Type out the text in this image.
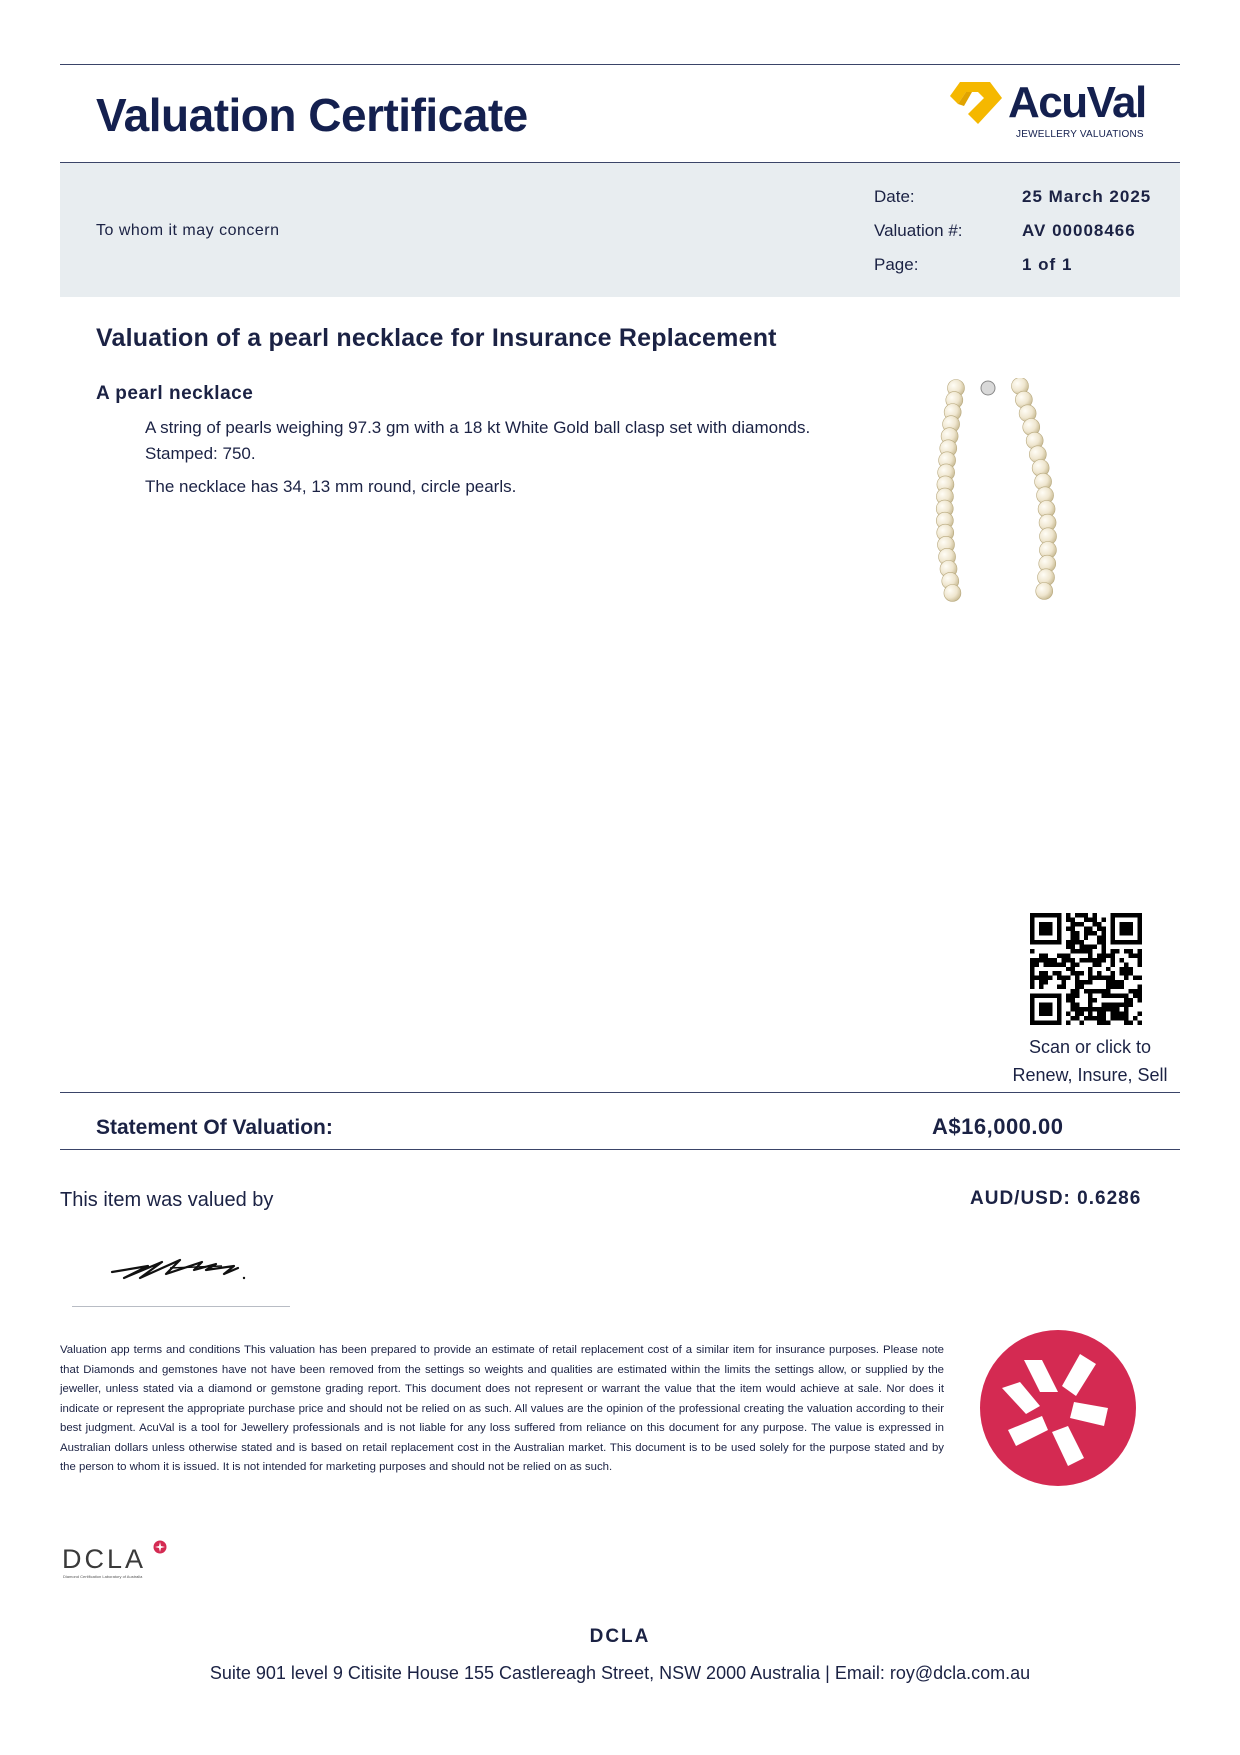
Valuation Certificate	AcuVal
JEWELLERY VALUATIONS
To whom it may concern
Date:	25 March 2025
Valuation #:	AV 00008466
Page:	1 of 1
Valuation of a pearl necklace for Insurance Replacement
A pearl necklace
A string of pearls weighing 97.3 gm with a 18 kt White Gold ball clasp set with diamonds.
Stamped: 750.
The necklace has 34, 13 mm round, circle pearls.
Scan or click to
Renew, Insure, Sell
Statement Of Valuation:	A$16,000.00
This item was valued by	AUD/USD: 0.6286
Valuation app terms and conditions This valuation has been prepared to provide an estimate of retail replacement cost of a similar item for insurance purposes. Please note that Diamonds and gemstones have not have been removed from the settings so weights and qualities are estimated within the limits the settings allow, or supplied by the jeweller, unless stated via a diamond or gemstone grading report. This document does not represent or warrant the value that the item would achieve at sale. Nor does it indicate or represent the appropriate purchase price and should not be relied on as such. All values are the opinion of the professional creating the valuation according to their best judgment. AcuVal is a tool for Jewellery professionals and is not liable for any loss suffered from reliance on this document for any purpose. The value is expressed in Australian dollars unless otherwise stated and is based on retail replacement cost in the Australian market. This document is to be used solely for the purpose stated and by the person to whom it is issued. It is not intended for marketing purposes and should not be relied on as such.
DCLA
Diamond Certification Laboratory of Australia
DCLA
Suite 901 level 9 Citisite House 155 Castlereagh Street, NSW 2000 Australia | Email: roy@dcla.com.au
